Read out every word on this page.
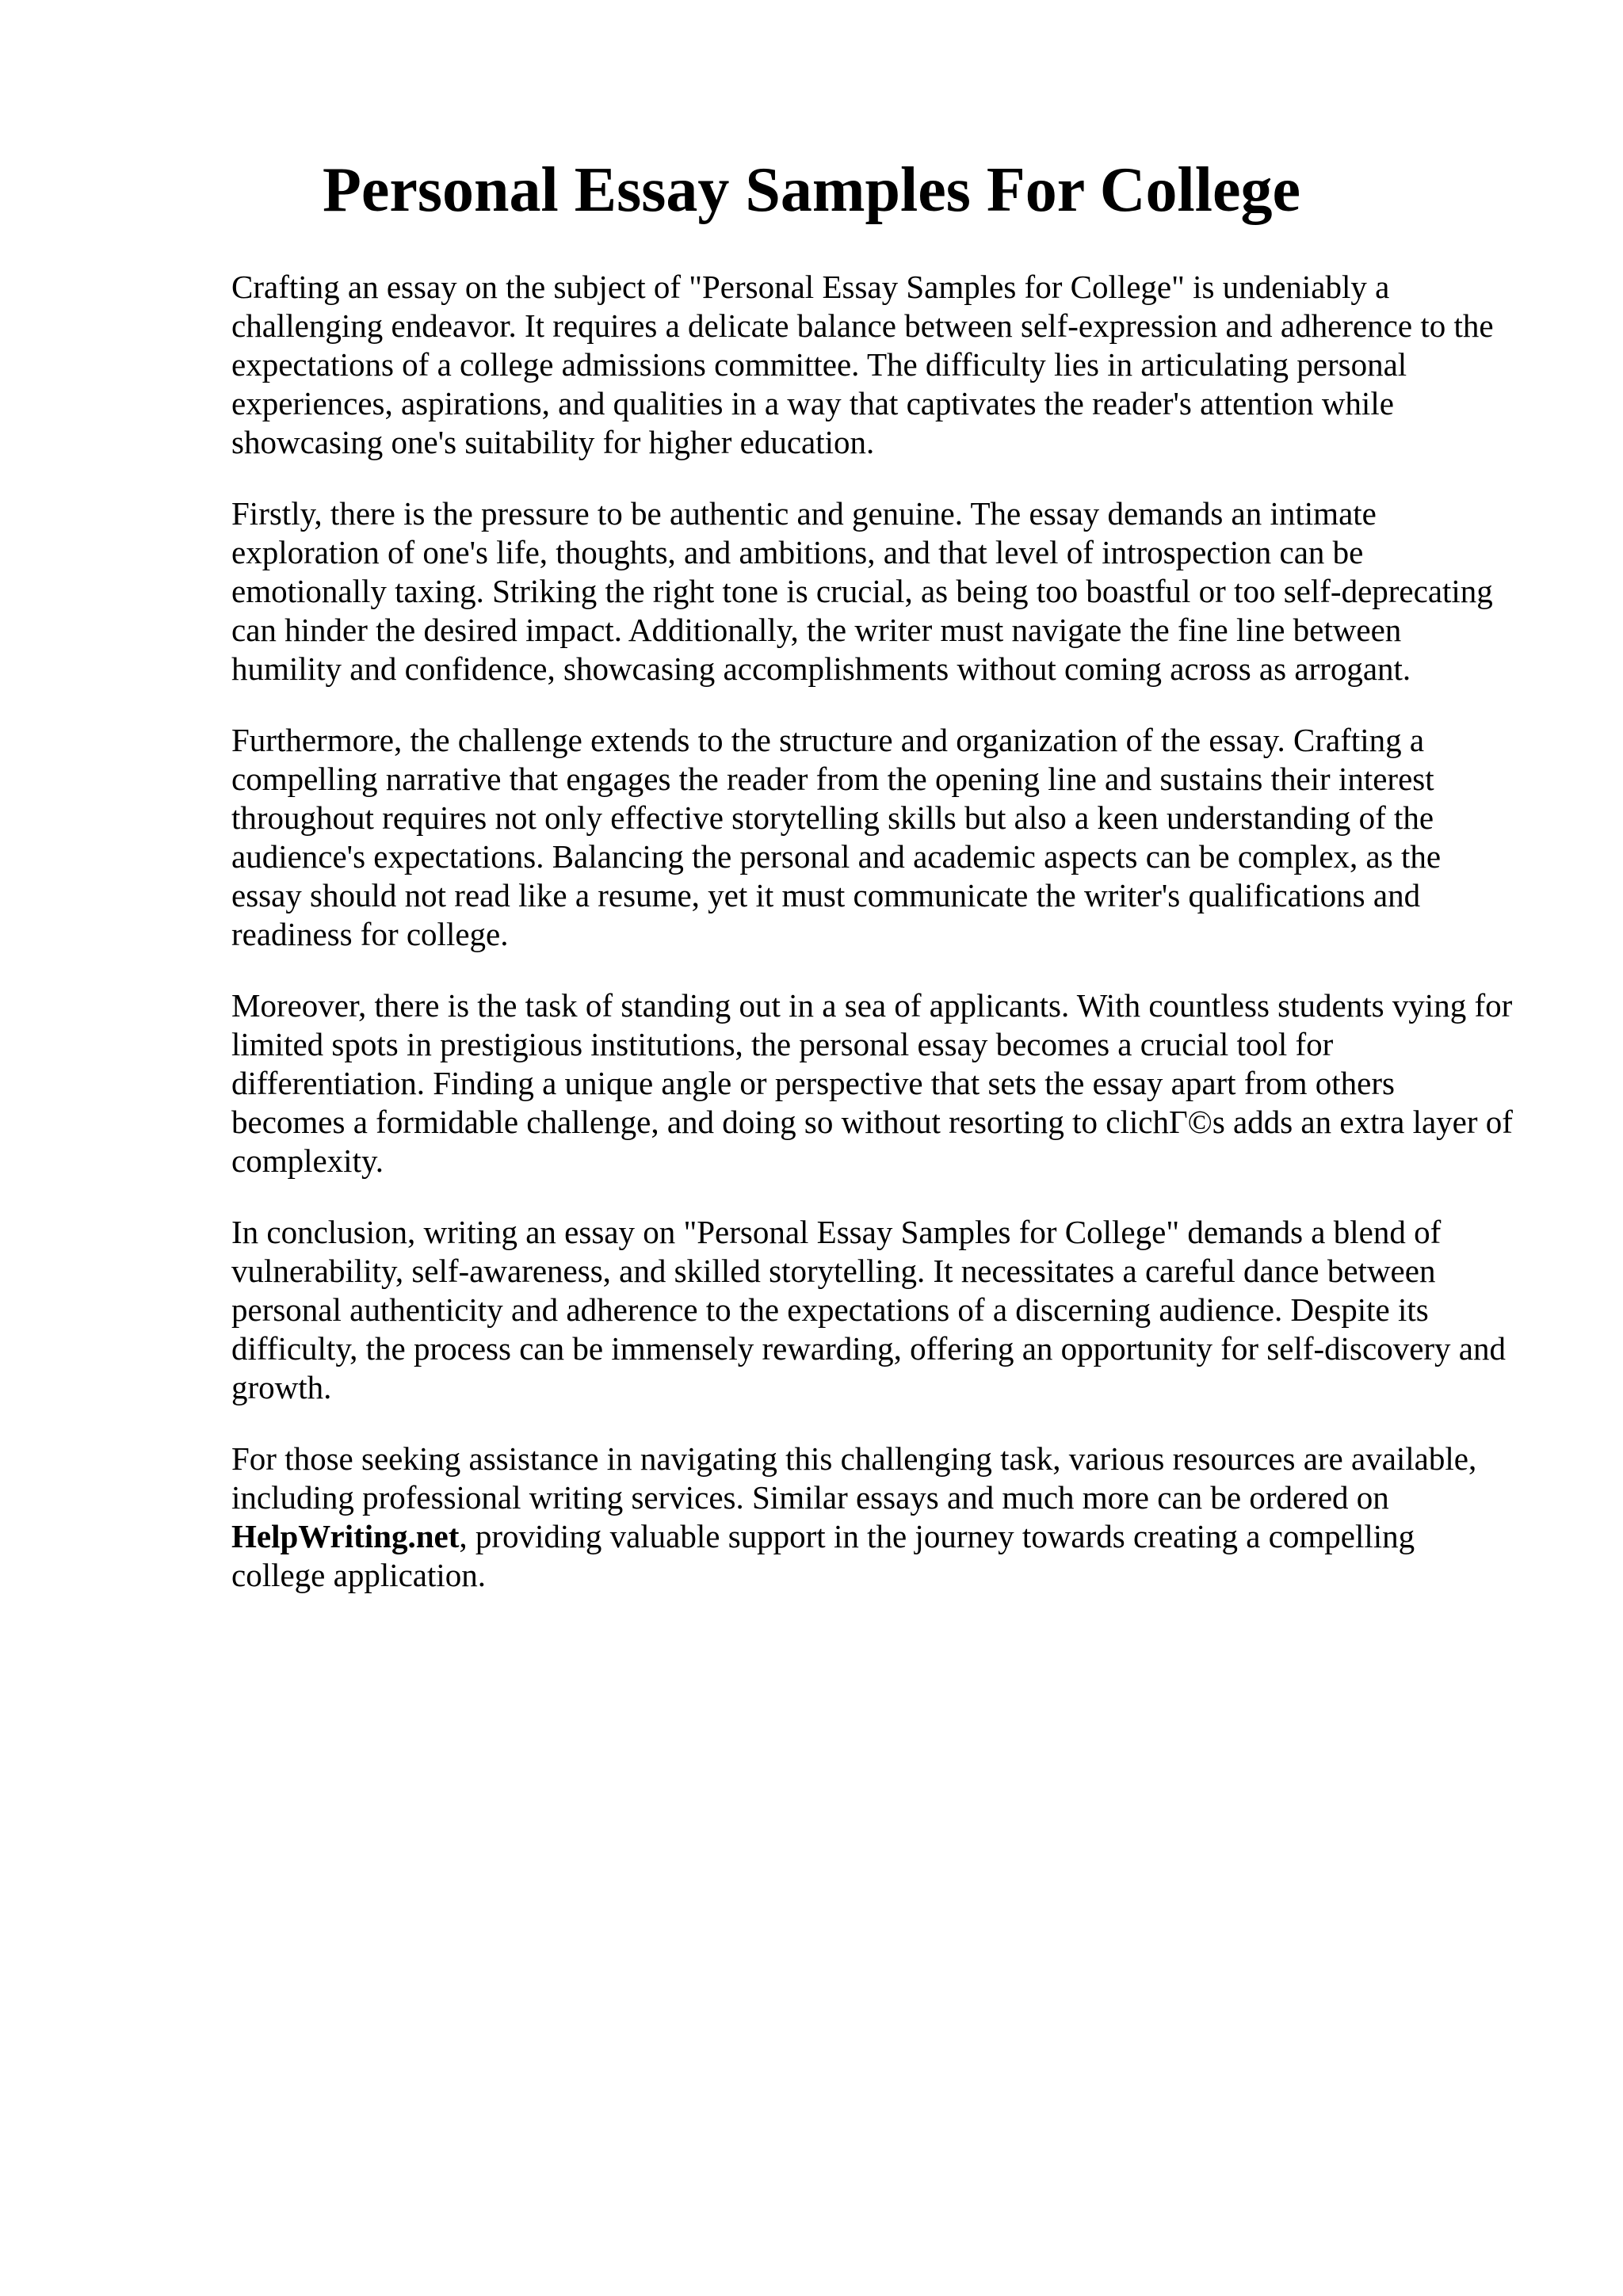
Personal Essay Samples For College

Crafting an essay on the subject of "Personal Essay Samples for College" is undeniably a challenging endeavor. It requires a delicate balance between self-expression and adherence to the expectations of a college admissions committee. The difficulty lies in articulating personal experiences, aspirations, and qualities in a way that captivates the reader's attention while showcasing one's suitability for higher education.

Firstly, there is the pressure to be authentic and genuine. The essay demands an intimate exploration of one's life, thoughts, and ambitions, and that level of introspection can be emotionally taxing. Striking the right tone is crucial, as being too boastful or too self-deprecating can hinder the desired impact. Additionally, the writer must navigate the fine line between humility and confidence, showcasing accomplishments without coming across as arrogant.

Furthermore, the challenge extends to the structure and organization of the essay. Crafting a compelling narrative that engages the reader from the opening line and sustains their interest throughout requires not only effective storytelling skills but also a keen understanding of the audience's expectations. Balancing the personal and academic aspects can be complex, as the essay should not read like a resume, yet it must communicate the writer's qualifications and readiness for college.

Moreover, there is the task of standing out in a sea of applicants. With countless students vying for limited spots in prestigious institutions, the personal essay becomes a crucial tool for differentiation. Finding a unique angle or perspective that sets the essay apart from others becomes a formidable challenge, and doing so without resorting to clichΓ©s adds an extra layer of complexity.

In conclusion, writing an essay on "Personal Essay Samples for College" demands a blend of vulnerability, self-awareness, and skilled storytelling. It necessitates a careful dance between personal authenticity and adherence to the expectations of a discerning audience. Despite its difficulty, the process can be immensely rewarding, offering an opportunity for self-discovery and growth.

For those seeking assistance in navigating this challenging task, various resources are available, including professional writing services. Similar essays and much more can be ordered on HelpWriting.net, providing valuable support in the journey towards creating a compelling college application.
